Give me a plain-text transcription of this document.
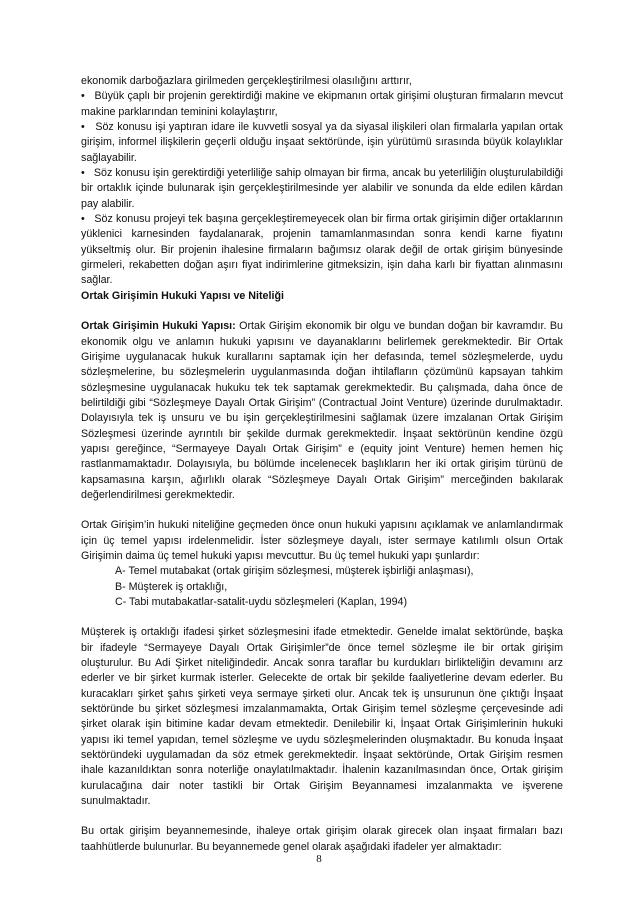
ekonomik darboğazlara girilmeden gerçekleştirilmesi olasılığını arttırır,

•   Büyük çaplı bir projenin gerektirdiği makine ve ekipmanın ortak girişimi oluşturan firmaların mevcut makine parklarından teminini kolaylaştırır,

•   Söz konusu işi yaptıran idare ile kuvvetli sosyal ya da siyasal ilişkileri olan firmalarla yapılan ortak girişim, informel ilişkilerin geçerli olduğu inşaat sektöründe, işin yürütümü sırasında büyük kolaylıklar sağlayabilir.

•   Söz konusu işin gerektirdiği yeterliliğe sahip olmayan bir firma, ancak bu yeterliliğin oluşturulabildiği bir ortaklık içinde bulunarak işin gerçekleştirilmesinde yer alabilir ve sonunda da elde edilen kârdan pay alabilir.

•   Söz konusu projeyi tek başına gerçekleştiremeyecek olan bir firma ortak girişimin diğer ortaklarının yüklenici karnesinden faydalanarak, projenin tamamlanmasından sonra kendi karne fiyatını yükseltmiş olur. Bir projenin ihalesine firmaların bağımsız olarak değil de ortak girişim bünyesinde girmeleri, rekabetten doğan aşırı fiyat indirimlerine gitmeksizin, işin daha karlı bir fiyattan alınmasını sağlar.

Ortak Girişimin Hukuki Yapısı ve Niteliği

Ortak Girişimin Hukuki Yapısı: Ortak Girişim ekonomik bir olgu ve bundan doğan bir kavramdır. Bu ekonomik olgu ve anlamın hukuki yapısını ve dayanaklarını belirlemek gerekmektedir. Bir Ortak Girişime uygulanacak hukuk kurallarını saptamak için her defasında, temel sözleşmelerde, uydu sözleşmelerine, bu sözleşmelerin uygulanmasında doğan ihtilafların çözümünü kapsayan tahkim sözleşmesine uygulanacak hukuku tek tek saptamak gerekmektedir. Bu çalışmada, daha önce de belirtildiği gibi “Sözleşmeye Dayalı Ortak Girişim” (Contractual Joint Venture) üzerinde durulmaktadır. Dolayısıyla tek iş unsuru ve bu işin gerçekleştirilmesini sağlamak üzere imzalanan Ortak Girişim Sözleşmesi üzerinde ayrıntılı bir şekilde durmak gerekmektedir. İnşaat sektörünün kendine özgü yapısı gereğince, “Sermayeye Dayalı Ortak Girişim” e (equity joint Venture) hemen hemen hiç rastlanmamaktadır. Dolayısıyla, bu bölümde incelenecek başlıkların her iki ortak girişim türünü de kapsamasına karşın, ağırlıklı olarak “Sözleşmeye Dayalı Ortak Girişim” merceğinden bakılarak değerlendirilmesi gerekmektedir.

Ortak Girişim’in hukuki niteliğine geçmeden önce onun hukuki yapısını açıklamak ve anlamlandırmak için üç temel yapısı irdelenmelidir. İster sözleşmeye dayalı, ister sermaye katılımlı olsun Ortak Girişimin daima üç temel hukuki yapısı mevcuttur. Bu üç temel hukuki yapı şunlardır:

A- Temel mutabakat (ortak girişim sözleşmesi, müşterek işbirliği anlaşması),
B- Müşterek iş ortaklığı,
C- Tabi mutabakatlar-satalit-uydu sözleşmeleri (Kaplan, 1994)

Müşterek iş ortaklığı ifadesi şirket sözleşmesini ifade etmektedir. Genelde imalat sektöründe, başka bir ifadeyle “Sermayeye Dayalı Ortak Girişimler”de önce temel sözleşme ile bir ortak girişim oluşturulur. Bu Adi Şirket niteliğindedir. Ancak sonra taraflar bu kurdukları birlikteliğin devamını arz ederler ve bir şirket kurmak isterler. Gelecekte de ortak bir şekilde faaliyetlerine devam ederler. Bu kuracakları şirket şahıs şirketi veya sermaye şirketi olur. Ancak tek iş unsurunun öne çıktığı İnşaat sektöründe bu şirket sözleşmesi imzalanmamakta, Ortak Girişim temel sözleşme çerçevesinde adi şirket olarak işin bitimine kadar devam etmektedir. Denilebilir ki, İnşaat Ortak Girişimlerinin hukuki yapısı iki temel yapıdan, temel sözleşme ve uydu sözleşmelerinden oluşmaktadır. Bu konuda İnşaat sektöründeki uygulamadan da söz etmek gerekmektedir. İnşaat sektöründe, Ortak Girişim resmen ihale kazanıldıktan sonra noterliğe onaylatılmaktadır. İhalenin kazanılmasından önce, Ortak girişim kurulacağına dair noter tastikli bir Ortak Girişim Beyannamesi imzalanmakta ve işverene sunulmaktadır.

Bu ortak girişim beyannemesinde, ihaleye ortak girişim olarak girecek olan inşaat firmaları bazı taahhütlerde bulunurlar. Bu beyannemede genel olarak aşağıdaki ifadeler yer almaktadır:

8
